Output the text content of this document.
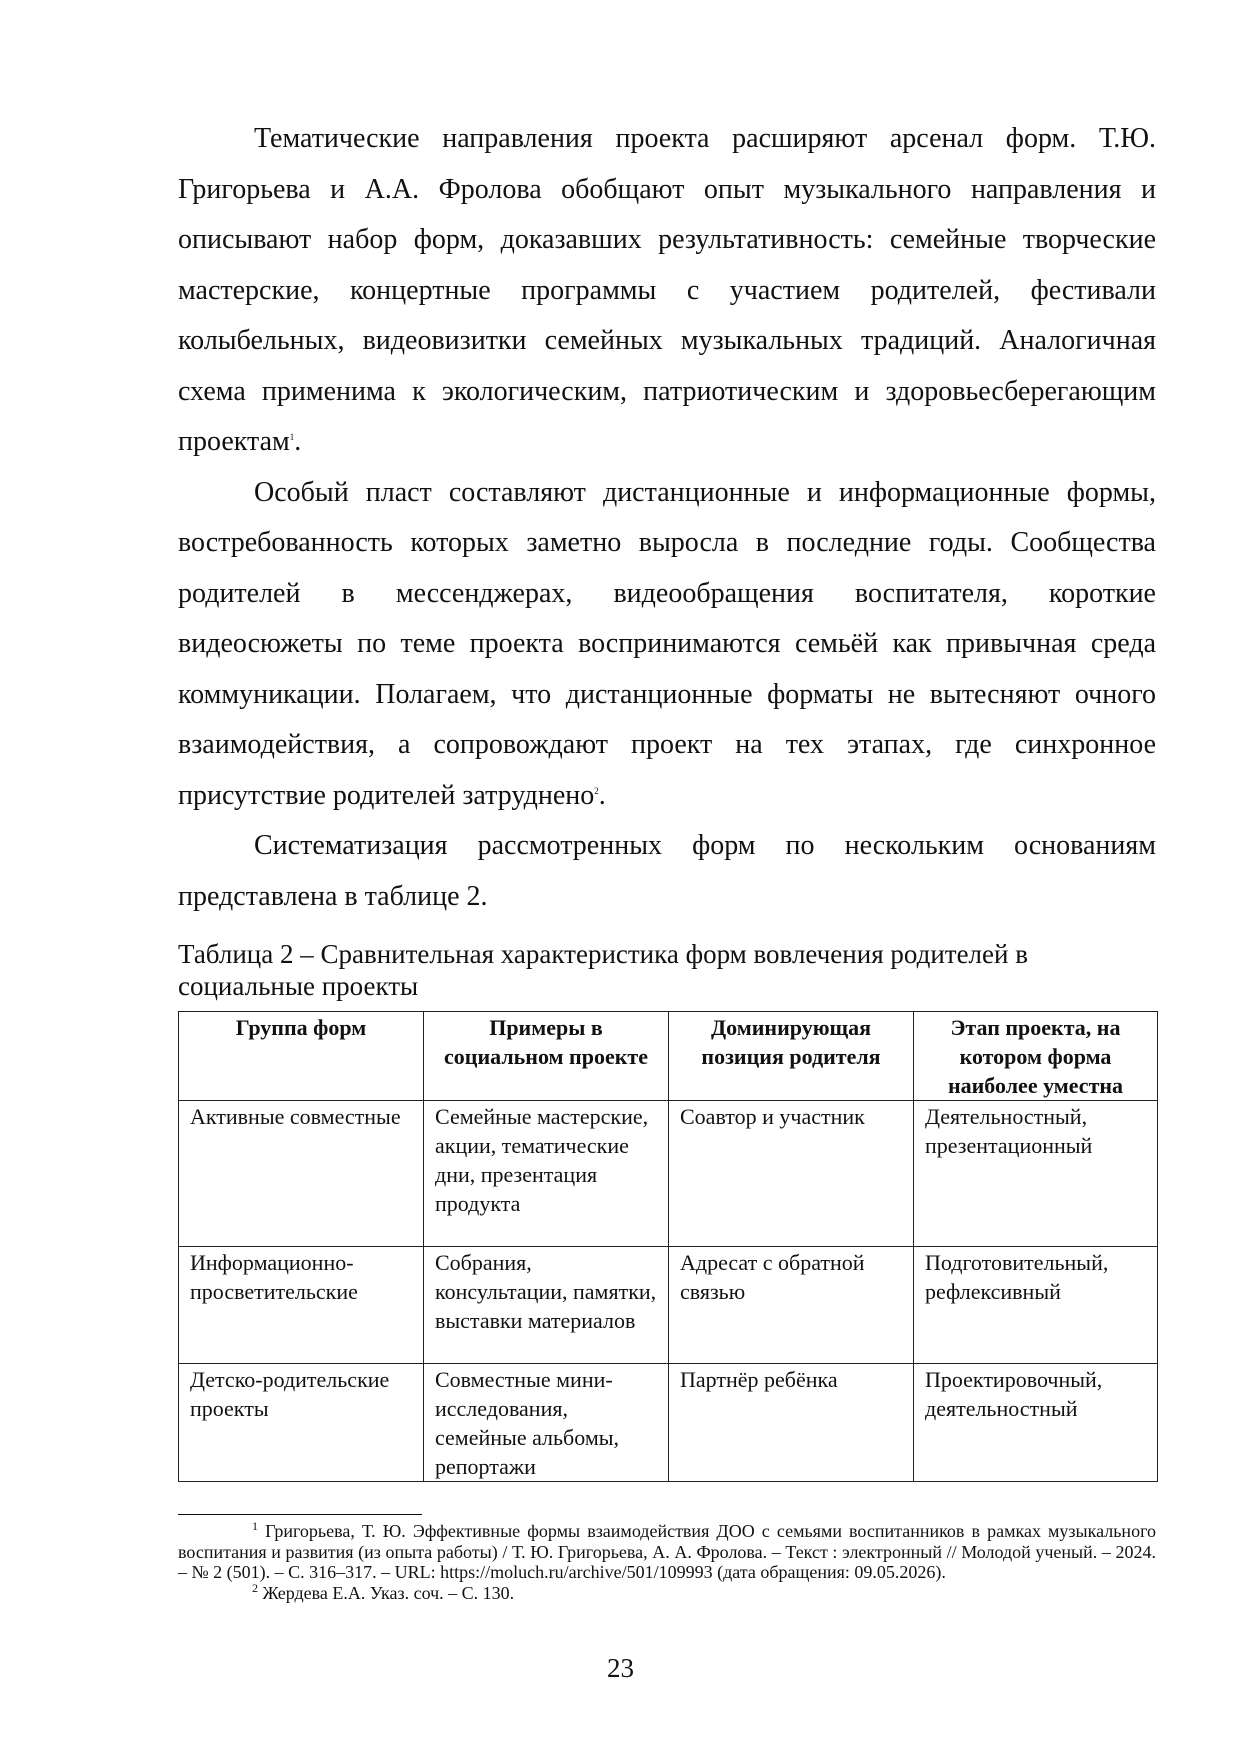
Тематические направления проекта расширяют арсенал форм. Т.Ю. Григорьева и А.А. Фролова обобщают опыт музыкального направления и описывают набор форм, доказавших результативность: семейные творческие мастерские, концертные программы с участием родителей, фестивали колыбельных, видеовизитки семейных музыкальных традиций. Аналогичная схема применима к экологическим, патриотическим и здоровьесберегающим проектам$^1$.

Особый пласт составляют дистанционные и информационные формы, востребованность которых заметно выросла в последние годы. Сообщества родителей в мессенджерах, видеообращения воспитателя, короткие видеосюжеты по теме проекта воспринимаются семьёй как привычная среда коммуникации. Полагаем, что дистанционные форматы не вытесняют очного взаимодействия, а сопровождают проект на тех этапах, где синхронное присутствие родителей затруднено$^2$.

Систематизация рассмотренных форм по нескольким основаниям представлена в таблице 2.

Таблица 2 – Сравнительная характеристика форм вовлечения родителей в социальные проекты

Группа форм	Примеры в социальном проекте	Доминирующая позиция родителя	Этап проекта, на котором форма наиболее уместна
Активные совместные	Семейные мастерские, акции, тематические дни, презентация продукта	Соавтор и участник	Деятельностный, презентационный
Информационно-просветительские	Собрания, консультации, памятки, выставки материалов	Адресат с обратной связью	Подготовительный, рефлексивный
Детско-родительские проекты	Совместные мини-исследования, семейные альбомы, репортажи	Партнёр ребёнка	Проектировочный, деятельностный

$^1$ Григорьева, Т. Ю. Эффективные формы взаимодействия ДОО с семьями воспитанников в рамках музыкального воспитания и развития (из опыта работы) / Т. Ю. Григорьева, А. А. Фролова. – Текст : электронный // Молодой ученый. – 2024. – № 2 (501). – С. 316–317. – URL: https://moluch.ru/archive/501/109993 (дата обращения: 09.05.2026).

$^2$ Жердева Е.А. Указ. соч. – С. 130.

23
